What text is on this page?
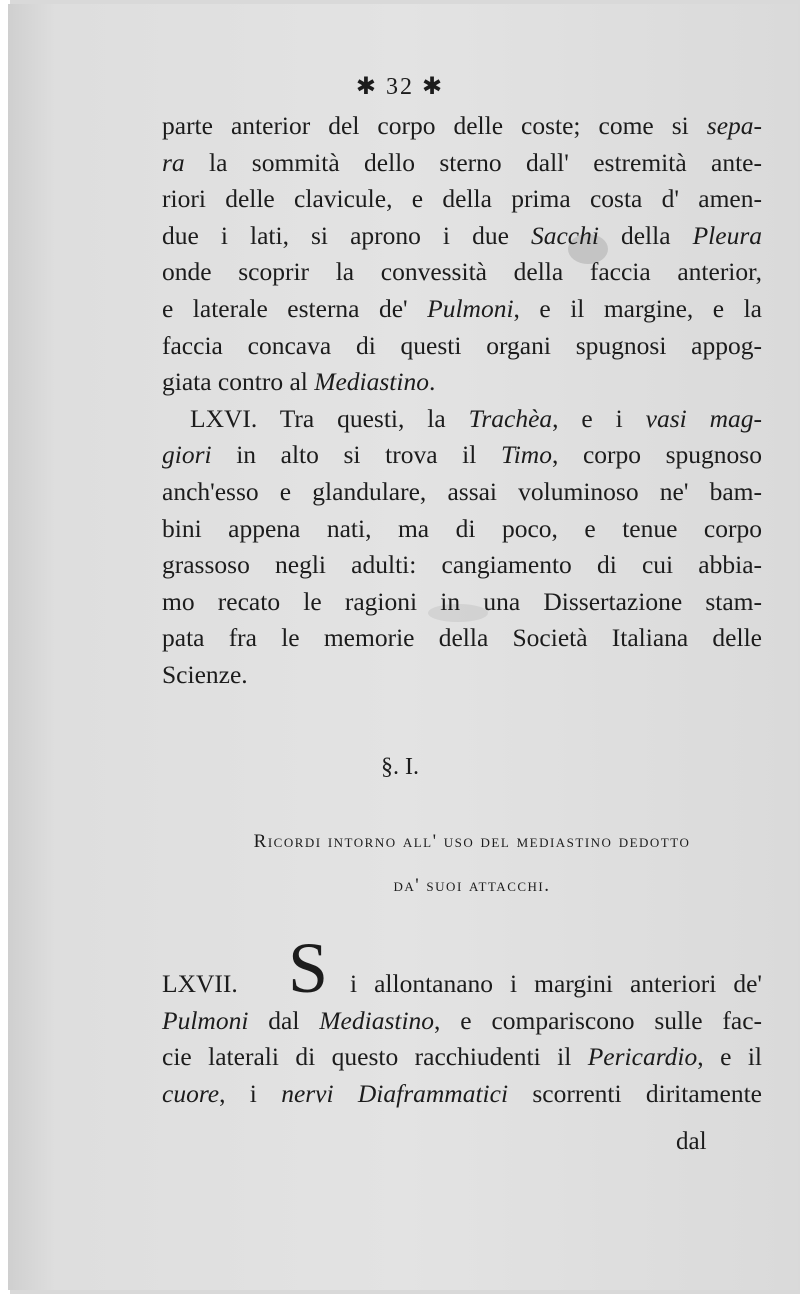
✱ 32 ✱
parte anterior del corpo delle coste; come si sepa-
ra la sommità dello sterno dall' estremità ante-
riori delle clavicule, e della prima costa d' amen-
due i lati, si aprono i due Sacchi della Pleura
onde scoprir la convessità della faccia anterior,
e laterale esterna de' Pulmoni, e il margine, e la
faccia concava di questi organi spugnosi appog-
giata contro al Mediastino.
LXVI. Tra questi, la Trachèa, e i vasi mag-
giori in alto si trova il Timo, corpo spugnoso
anch'esso e glandulare, assai voluminoso ne' bam-
bini appena nati, ma di poco, e tenue corpo
grassoso negli adulti: cangiamento di cui abbia-
mo recato le ragioni in una Dissertazione stam-
pata fra le memorie della Società Italiana delle
Scienze.
§. I.
Ricordi intorno all' uso del mediastino dedotto
da' suoi attacchi.
LXVII. S i allontanano i margini anteriori de'
Pulmoni dal Mediastino, e compariscono sulle fac-
cie laterali di questo racchiudenti il Pericardio, e il
cuore, i nervi Diaframmatici scorrenti diritamente
dal
